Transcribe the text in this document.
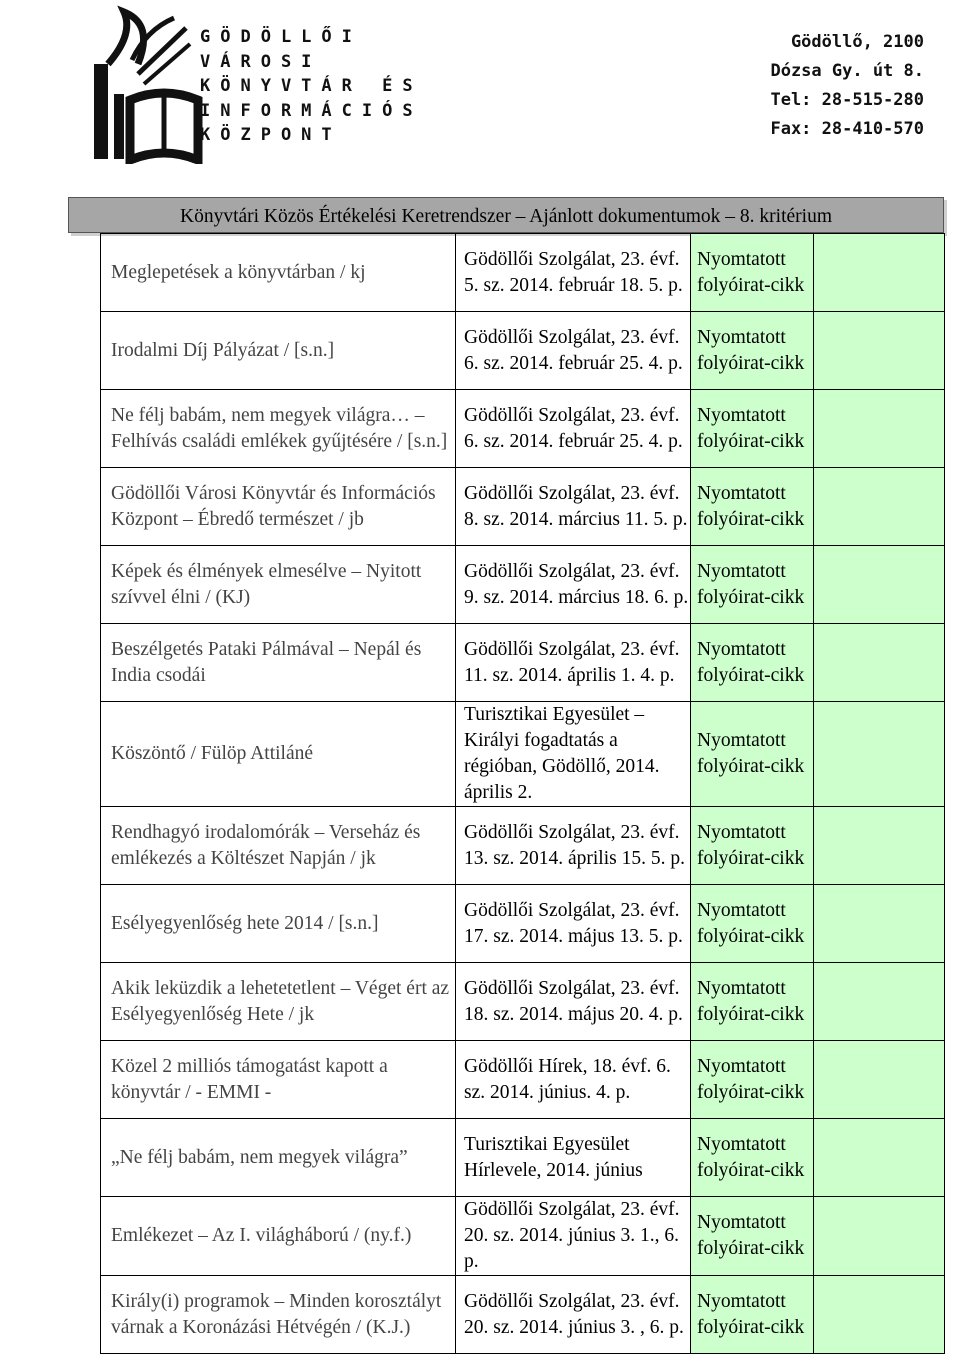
GÖDÖLLŐI
VÁROSI
KÖNYVTÁR ÉS
INFORMÁCIÓS
KÖZPONT
Gödöllő, 2100
Dózsa Gy. út 8.
Tel: 28-515-280
Fax: 28-410-570
Könyvtári Közös Értékelési Keretrendszer – Ajánlott dokumentumok – 8. kritérium
Meglepetések a könyvtárban / kj	Gödöllői Szolgálat, 23. évf. 5. sz. 2014. február 18. 5. p.	Nyomtatott folyóirat-cikk	
Irodalmi Díj Pályázat / [s.n.]	Gödöllői Szolgálat, 23. évf. 6. sz. 2014. február 25. 4. p.	Nyomtatott folyóirat-cikk	
Ne félj babám, nem megyek világra… – Felhívás családi emlékek gyűjtésére / [s.n.]	Gödöllői Szolgálat, 23. évf. 6. sz. 2014. február 25. 4. p.	Nyomtatott folyóirat-cikk	
Gödöllői Városi Könyvtár és Információs Központ – Ébredő természet / jb	Gödöllői Szolgálat, 23. évf. 8. sz. 2014. március 11. 5. p.	Nyomtatott folyóirat-cikk	
Képek és élmények elmesélve – Nyitott szívvel élni / (KJ)	Gödöllői Szolgálat, 23. évf. 9. sz. 2014. március 18. 6. p.	Nyomtatott folyóirat-cikk	
Beszélgetés Pataki Pálmával – Nepál és India csodái	Gödöllői Szolgálat, 23. évf. 11. sz. 2014. április 1. 4. p.	Nyomtatott folyóirat-cikk	
Köszöntő / Fülöp Attiláné	Turisztikai Egyesület – Királyi fogadtatás a régióban, Gödöllő, 2014. április 2.	Nyomtatott folyóirat-cikk	
Rendhagyó irodalomórák – Verseház és emlékezés a Költészet Napján / jk	Gödöllői Szolgálat, 23. évf. 13. sz. 2014. április 15. 5. p.	Nyomtatott folyóirat-cikk	
Esélyegyenlőség hete 2014 / [s.n.]	Gödöllői Szolgálat, 23. évf. 17. sz. 2014. május 13. 5. p.	Nyomtatott folyóirat-cikk	
Akik leküzdik a lehetetetlent – Véget ért az Esélyegyenlőség Hete / jk	Gödöllői Szolgálat, 23. évf. 18. sz. 2014. május 20. 4. p.	Nyomtatott folyóirat-cikk	
Közel 2 milliós támogatást kapott a könyvtár / - EMMI -	Gödöllői Hírek, 18. évf. 6. sz. 2014. június. 4. p.	Nyomtatott folyóirat-cikk	
„Ne félj babám, nem megyek világra”	Turisztikai Egyesület Hírlevele, 2014. június	Nyomtatott folyóirat-cikk	
Emlékezet – Az I. világháború / (ny.f.)	Gödöllői Szolgálat, 23. évf. 20. sz. 2014. június 3. 1., 6. p.	Nyomtatott folyóirat-cikk	
Király(i) programok – Minden korosztályt várnak a Koronázási Hétvégén / (K.J.)	Gödöllői Szolgálat, 23. évf. 20. sz. 2014. június 3. , 6. p.	Nyomtatott folyóirat-cikk	
